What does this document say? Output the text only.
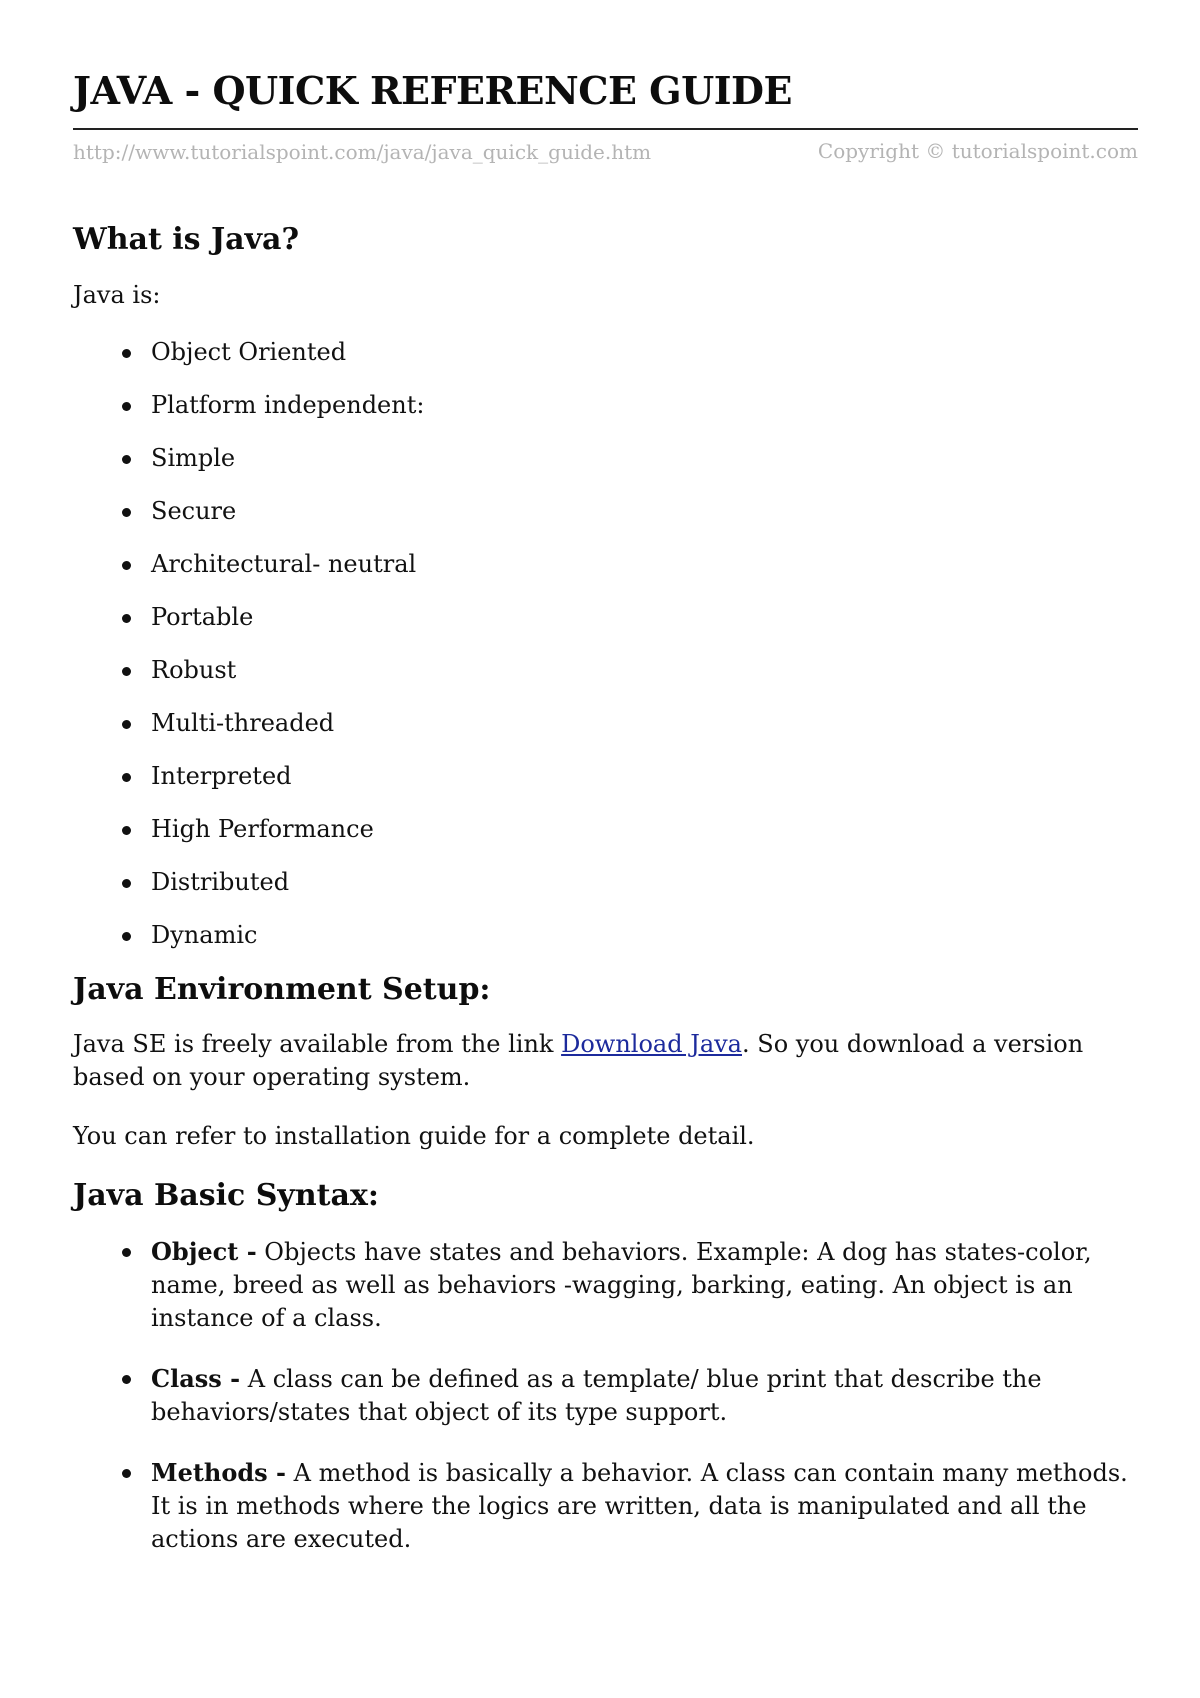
JAVA - QUICK REFERENCE GUIDE
http://www.tutorialspoint.com/java/java_quick_guide.htm	Copyright © tutorialspoint.com
What is Java?

Java is:

Object Oriented
Platform independent:
Simple
Secure
Architectural- neutral
Portable
Robust
Multi-threaded
Interpreted
High Performance
Distributed
Dynamic
Java Environment Setup:

Java SE is freely available from the link Download Java. So you download a version based on your operating system.

You can refer to installation guide for a complete detail.

Java Basic Syntax:
Object - Objects have states and behaviors. Example: A dog has states-color, name, breed as well as behaviors -wagging, barking, eating. An object is an instance of a class.
Class - A class can be defined as a template/ blue print that describe the behaviors/states that object of its type support.
Methods - A method is basically a behavior. A class can contain many methods. It is in methods where the logics are written, data is manipulated and all the actions are executed.
